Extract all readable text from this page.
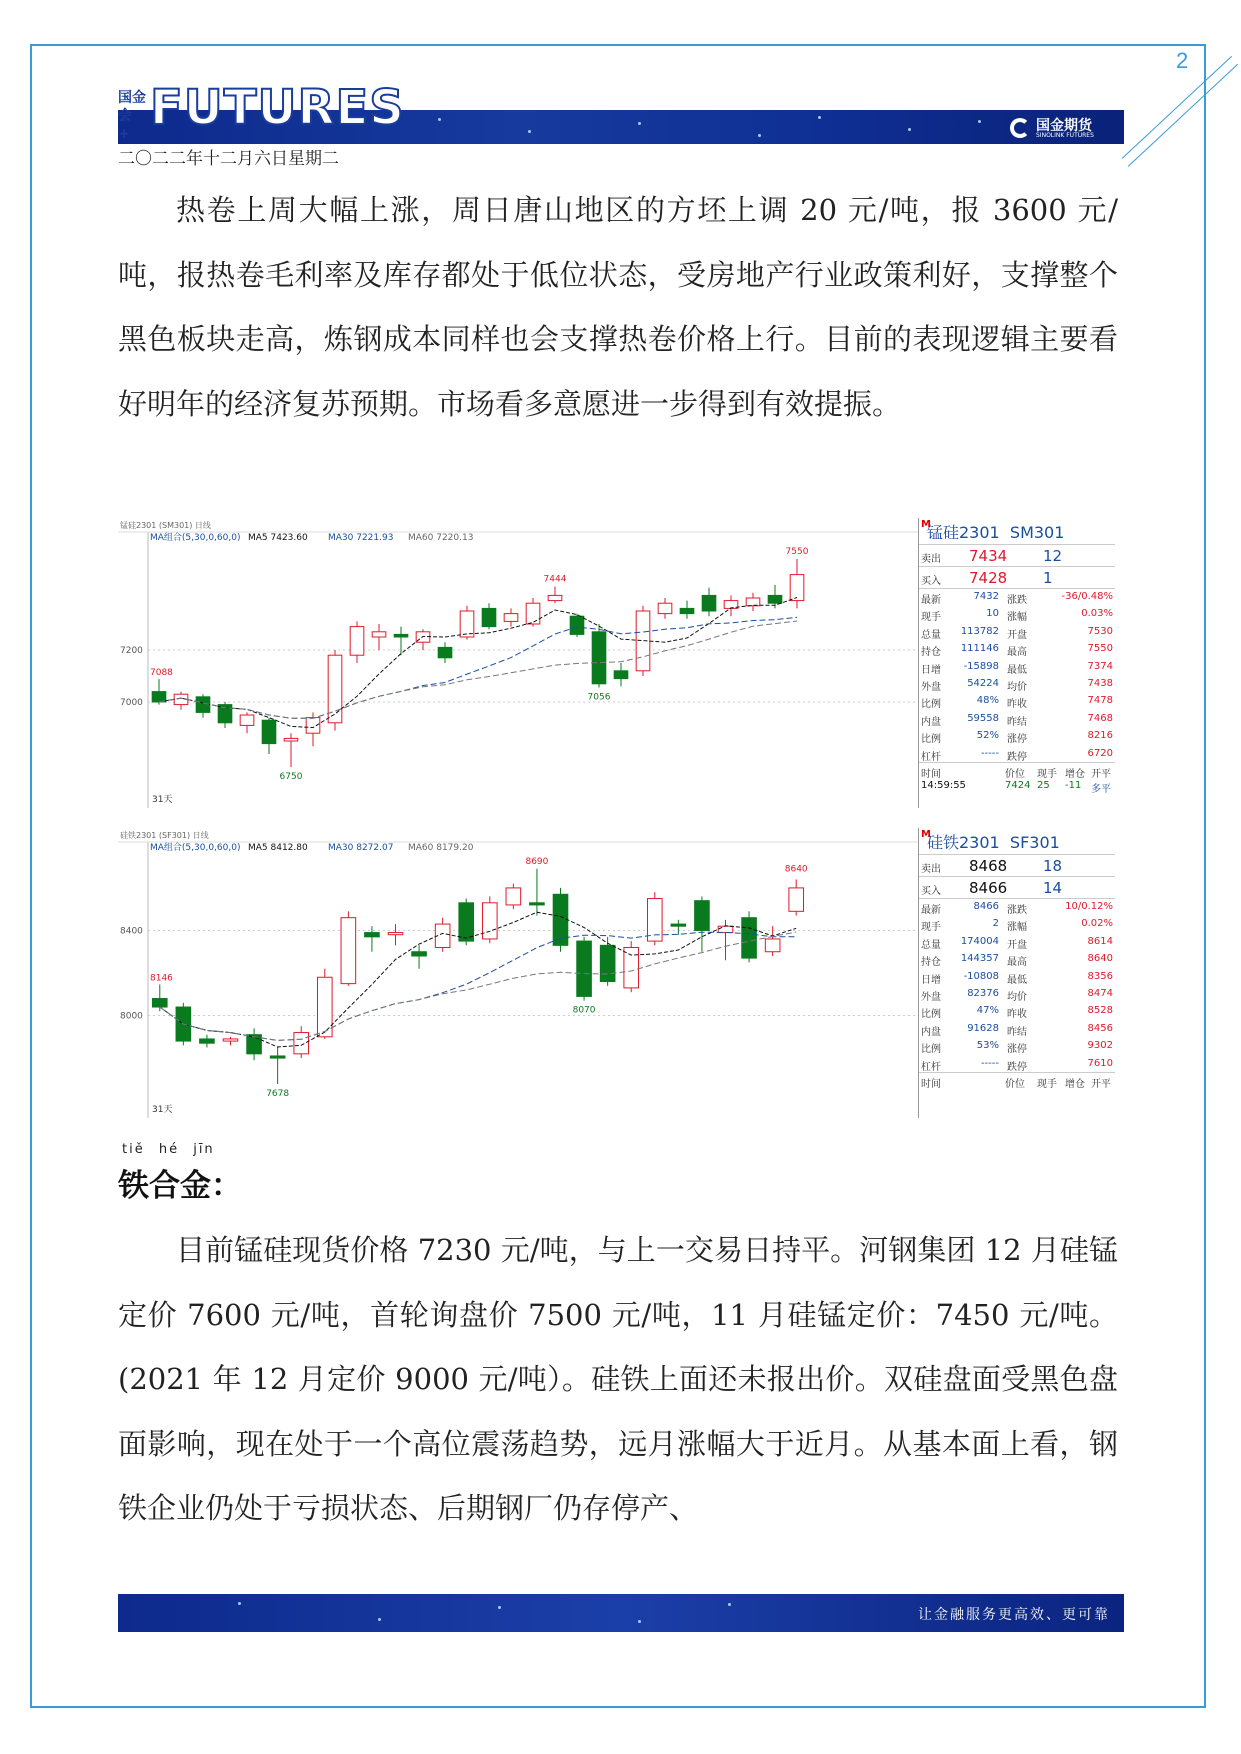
2
国金
会 + FUTURES	国金期货
SINOLINK FUTURES
二〇二二年十二月六日星期二

热卷上周大幅上涨，周日唐山地区的方坯上调 20 元/吨，报 3600 元/吨，报热卷毛利率及库存都处于低位状态，受房地产行业政策利好，支撑整个黑色板块走高，炼钢成本同样也会支撑热卷价格上行。目前的表现逻辑主要看好明年的经济复苏预期。市场看多意愿进一步得到有效提振。

锰硅2301 (SM301) 日线
MA组合(5,30,0,60,0) MA5 7423.60 MA30 7221.93 MA60 7220.13
7000
7200
7550
6750
7088
31天
7056
7444
M
锰硅2301 SM301
卖出 7434 12
买入 7428 1
最新	7432 涨跌	-36/0.48%
现手	10 涨幅	0.03%
总量 113782 开盘	7530
持仓 111146 最高	7550
日增 -15898 最低	7374
外盘	54224 均价	7438
比例	48% 昨收	7478
内盘	59558 昨结	7468
比例	52% 涨停	8216
杠杆	----- 跌停	6720
时间	价位 现手 增仓 开平
14:59:55	7424 25 -11 多平
硅铁2301 (SF301) 日线
MA组合(5,30,0,60,0) MA5 8412.80 MA30 8272.07 MA60 8179.20
8000
8400
8690
7678
8146
31天
8070
8640
M
硅铁2301 SF301
卖出 8468 18
买入 8466 14
最新	8466 涨跌	10/0.12%
现手	2 涨幅	0.02%
总量 174004 开盘	8614
持仓 144357 最高	8640
日增 -10808 最低	8356
外盘	82376 均价	8474
比例	47% 昨收	8528
内盘	91628 昨结	8456
比例	53% 涨停	9302
杠杆	----- 跌停	7610
时间	价位 现手 增仓 开平
tiě hé jīn
铁合金：

目前锰硅现货价格 7230 元/吨，与上一交易日持平。河钢集团 12 月硅锰定价 7600 元/吨，首轮询盘价 7500 元/吨，11 月硅锰定价：7450 元/吨。(2021 年 12 月定价 9000 元/吨）。硅铁上面还未报出价。双硅盘面受黑色盘面影响，现在处于一个高位震荡趋势，远月涨幅大于近月。从基本面上看，钢铁企业仍处于亏损状态、后期钢厂仍存停产、

让金融服务更高效、更可靠
